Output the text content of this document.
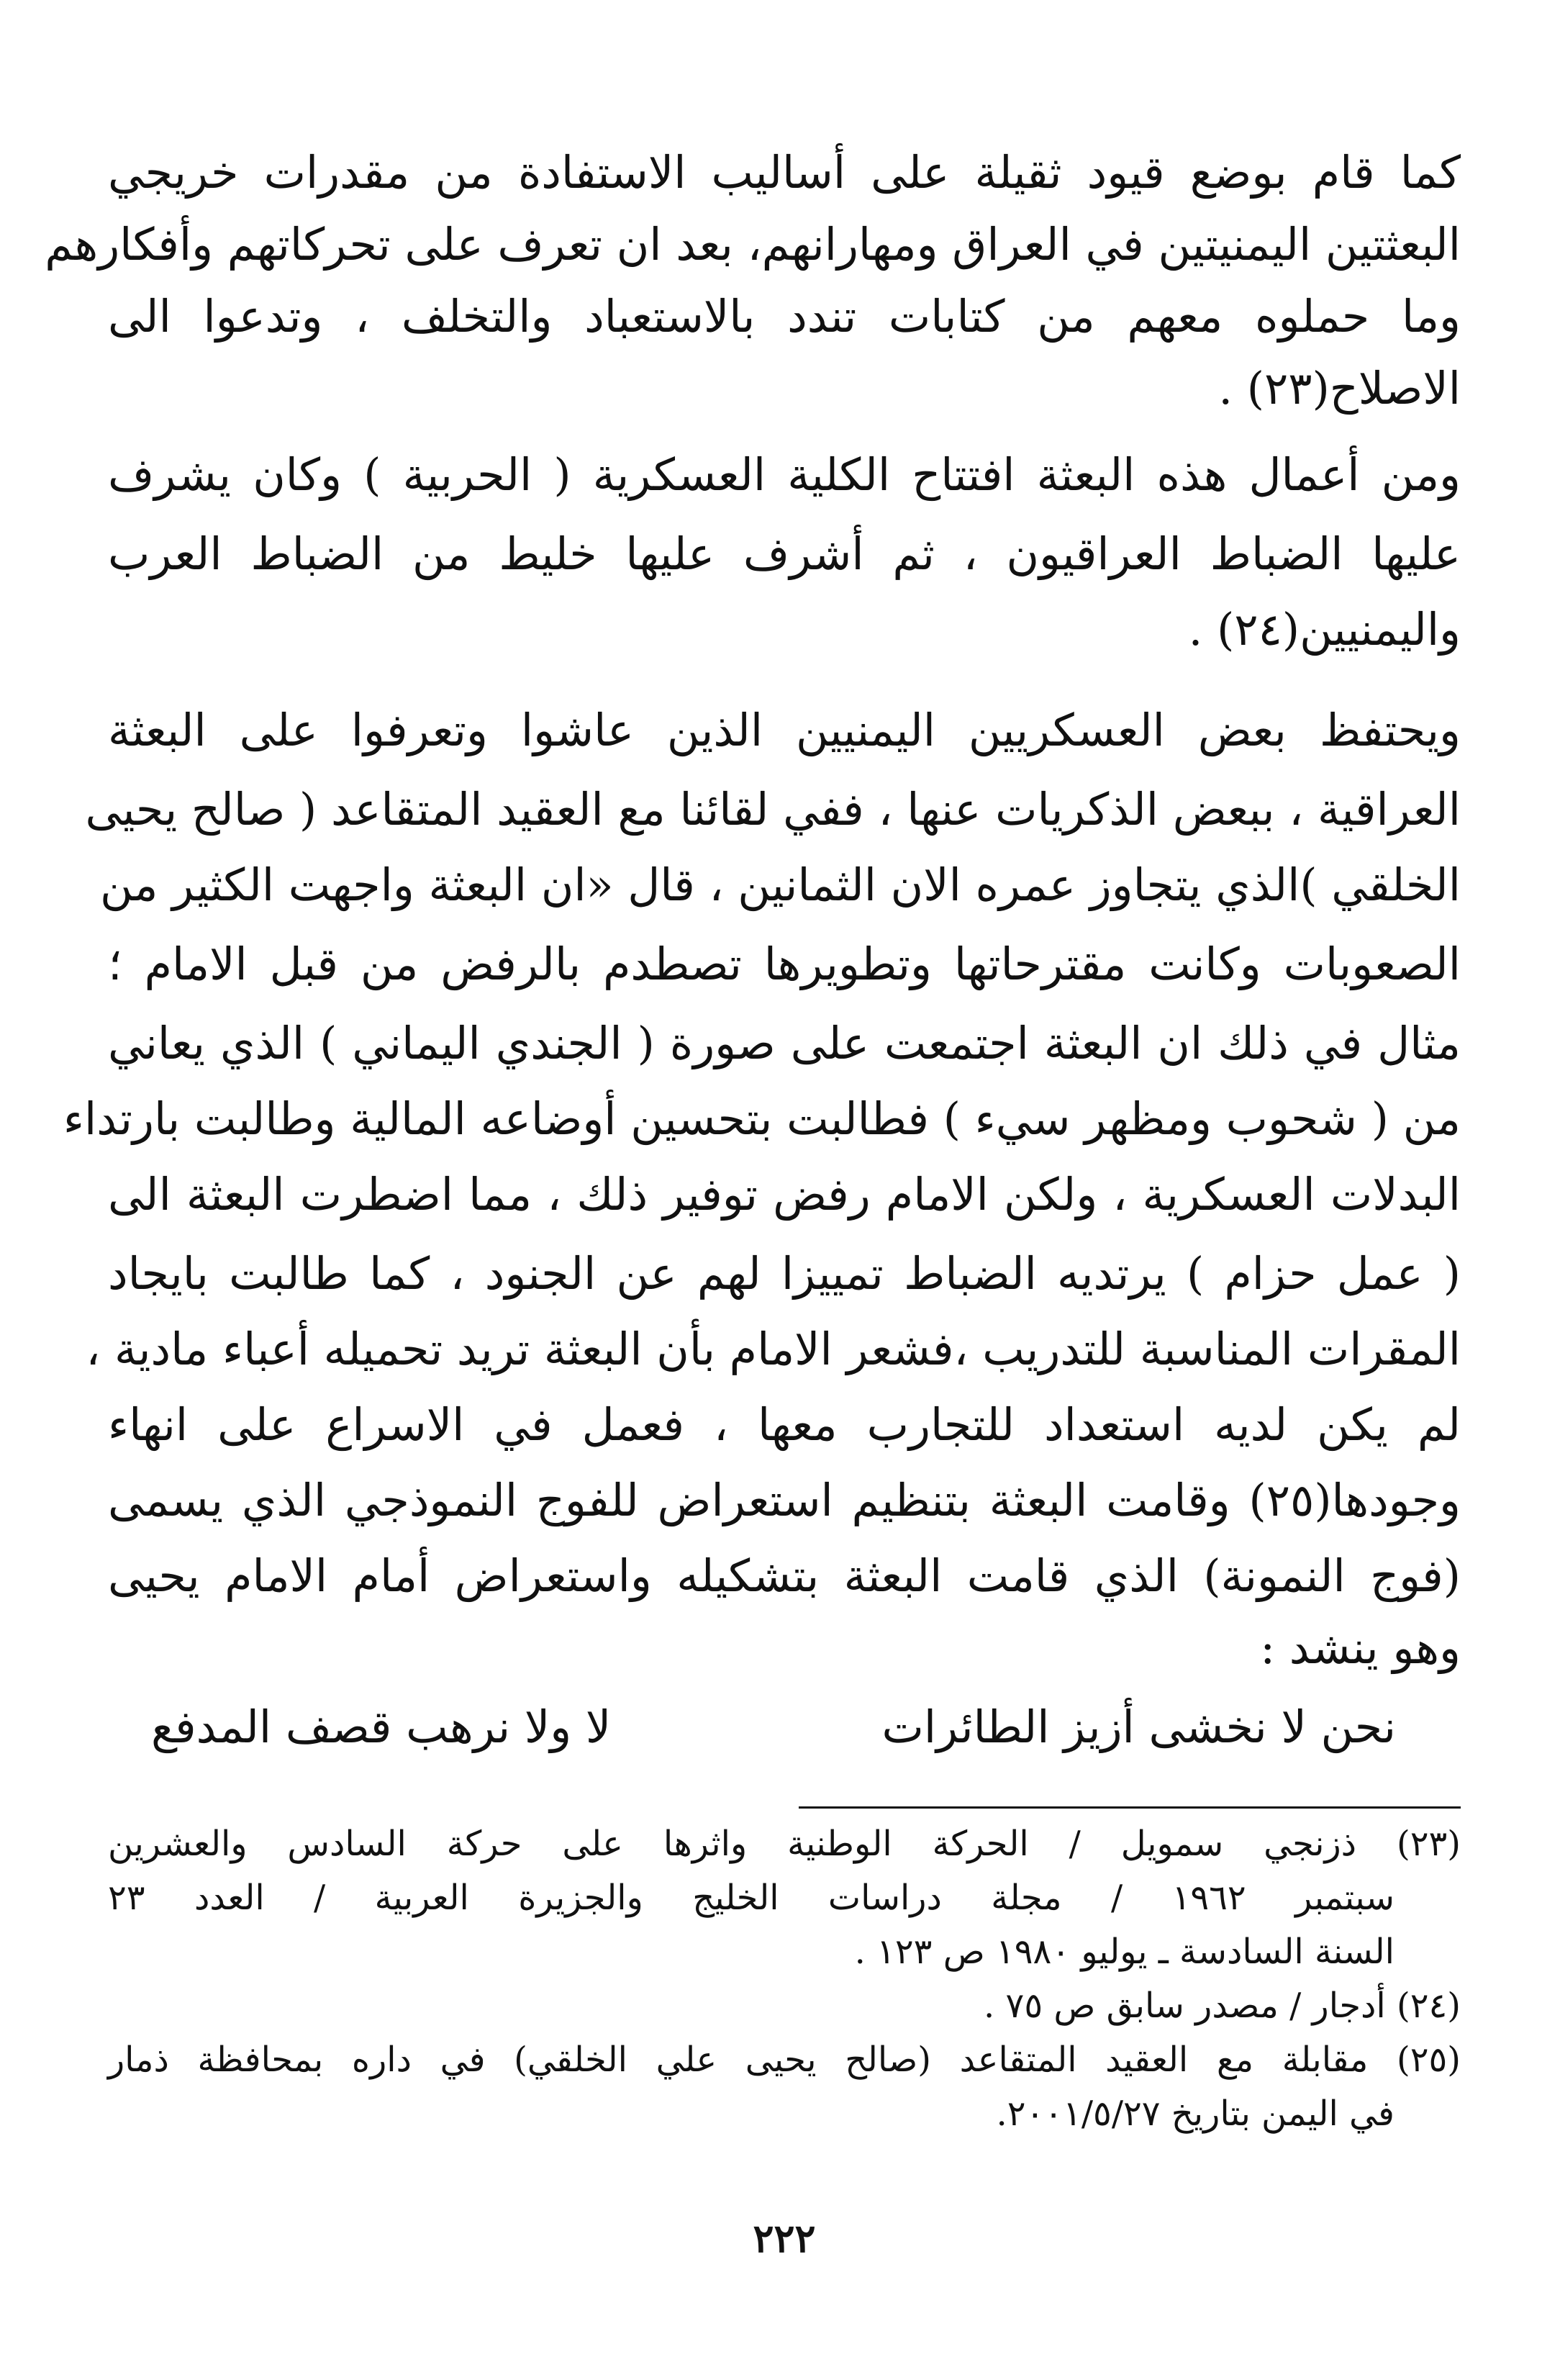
كما قام بوضع قيود ثقيلة على أساليب الاستفادة من مقدرات خريجي
البعثتين اليمنيتين في العراق ومهارانهم، بعد ان تعرف على تحركاتهم وأفكارهم
وما حملوه معهم من كتابات تندد بالاستعباد والتخلف ، وتدعوا الى
الاصلاح(٢٣) .
ومن أعمال هذه البعثة افتتاح الكلية العسكرية ( الحربية ) وكان يشرف
عليها الضباط العراقيون ، ثم أشرف عليها خليط من الضباط العرب
واليمنيين(٢٤) .
ويحتفظ بعض العسكريين اليمنيين الذين عاشوا وتعرفوا على البعثة
العراقية ، ببعض الذكريات عنها ، ففي لقائنا مع العقيد المتقاعد ( صالح يحيى
الخلقي )الذي يتجاوز عمره الان الثمانين ، قال «ان البعثة واجهت الكثير من
الصعوبات وكانت مقترحاتها وتطويرها تصطدم بالرفض من قبل الامام ؛
مثال في ذلك ان البعثة اجتمعت على صورة ( الجندي اليماني ) الذي يعاني
من ( شحوب ومظهر سيء ) فطالبت بتحسين أوضاعه المالية وطالبت بارتداء
البدلات العسكرية ، ولكن الامام رفض توفير ذلك ، مما اضطرت البعثة الى
( عمل حزام ) يرتديه الضباط تمييزا لهم عن الجنود ، كما طالبت بايجاد
المقرات المناسبة للتدريب ،فشعر الامام بأن البعثة تريد تحميله أعباء مادية ،
لم يكن لديه استعداد للتجارب معها ، فعمل في الاسراع على انهاء
وجودها(٢٥) وقامت البعثة بتنظيم استعراض للفوج النموذجي الذي يسمى
(فوج النمونة) الذي قامت البعثة بتشكيله واستعراض أمام الامام يحيى
وهو ينشد :
نحن لا نخشى أزيز الطائرات
لا ولا نرهب قصف المدفع
(٢٣) ذزنجي سمويل / الحركة الوطنية واثرها على حركة السادس والعشرين
سبتمبر ١٩٦٢ / مجلة دراسات الخليج والجزيرة العربية / العدد ٢٣
السنة السادسة ـ يوليو ١٩٨٠ ص ١٢٣ .
(٢٤) أدجار / مصدر سابق ص ٧٥ .
(٢٥) مقابلة مع العقيد المتقاعد (صالح يحيى علي الخلقي) في داره بمحافظة ذمار
في اليمن بتاريخ ٢٠٠١/٥/٢٧.
٢٢٢
